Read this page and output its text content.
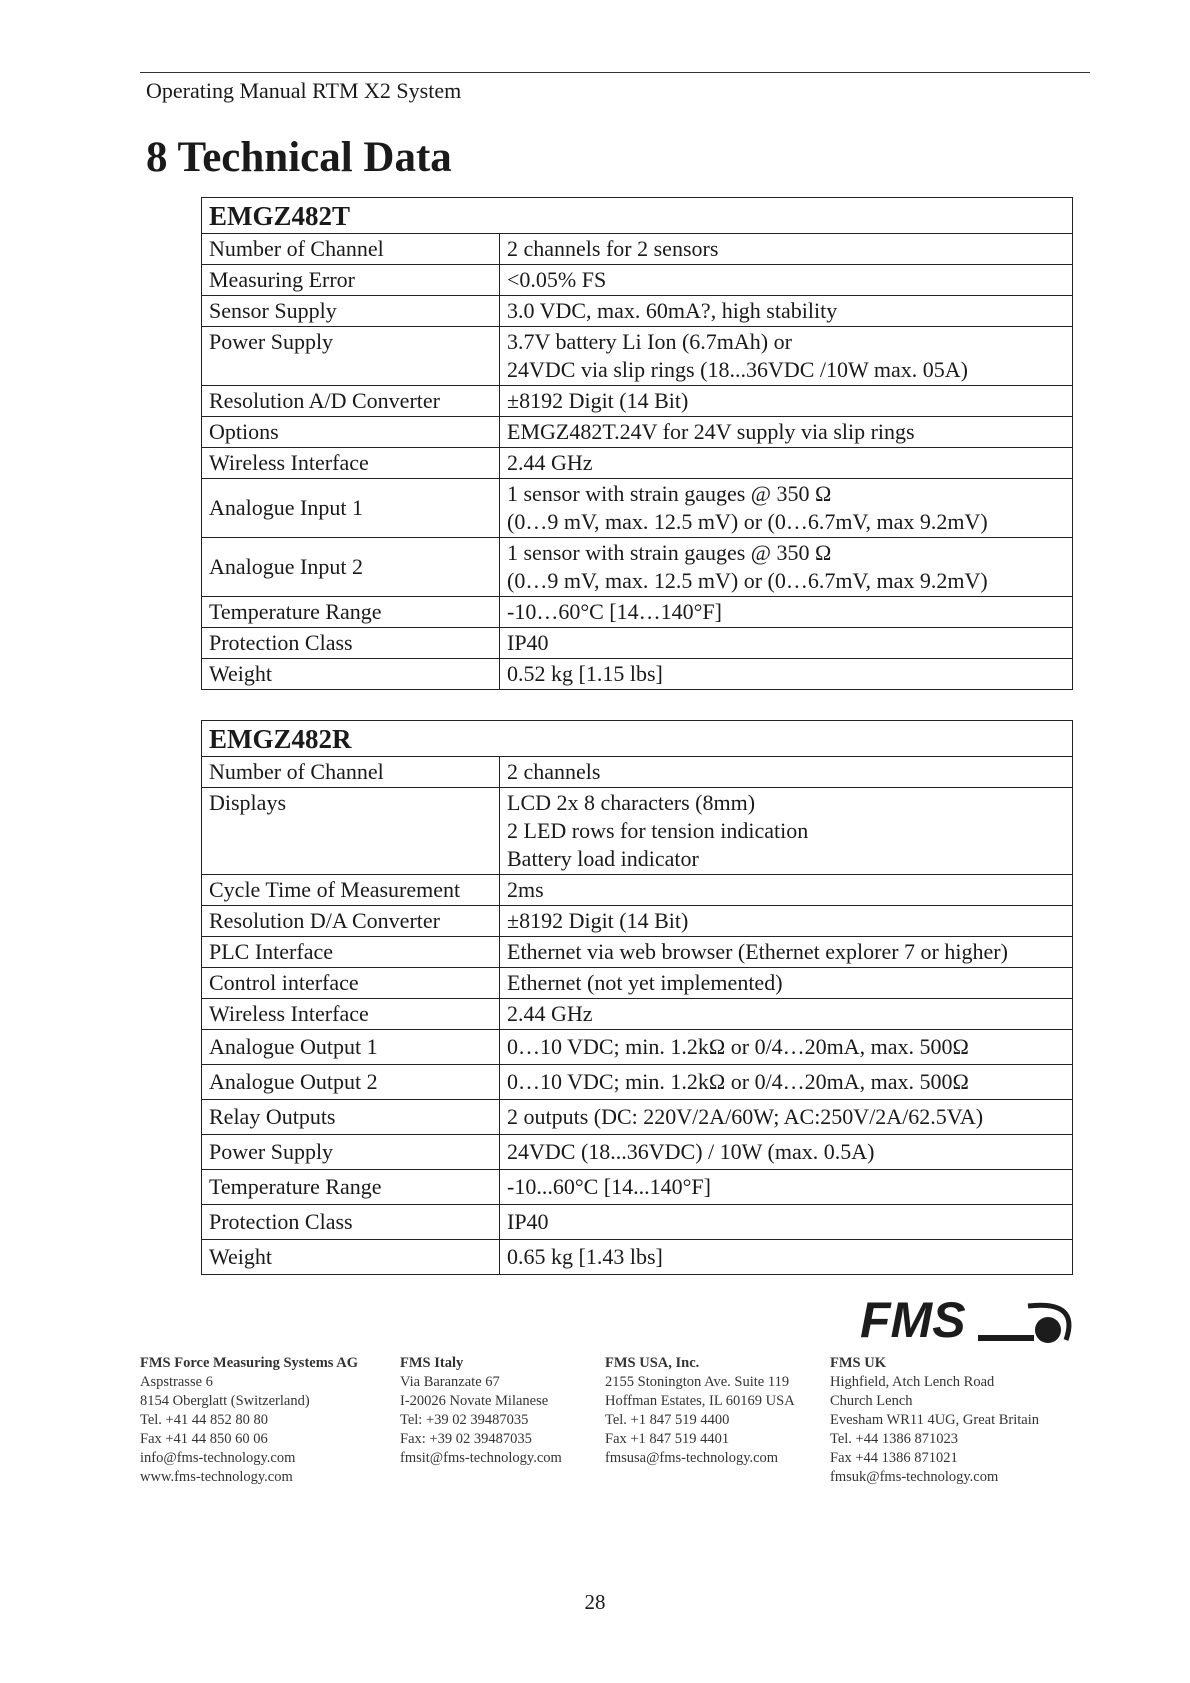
Operating Manual RTM X2 System
8 Technical Data
EMGZ482T	
Number of Channel	2 channels for 2 sensors

Measuring Error	<0.05% FS

Sensor Supply	3.0 VDC, max. 60mA?, high stability

Power Supply	3.7V battery Li Ion (6.7mAh) or
24VDC via slip rings (18...36VDC /10W max. 05A)

Resolution A/D Converter	±8192 Digit (14 Bit)

Options	EMGZ482T.24V for 24V supply via slip rings

Wireless Interface	2.44 GHz

Analogue Input 1	1 sensor with strain gauges @ 350 Ω
(0…9 mV, max. 12.5 mV) or (0…6.7mV, max 9.2mV)

Analogue Input 2	1 sensor with strain gauges @ 350 Ω
(0…9 mV, max. 12.5 mV) or (0…6.7mV, max 9.2mV)

Temperature Range	-10…60°C [14…140°F]

Protection Class	IP40

Weight	0.52 kg [1.15 lbs]
EMGZ482R	
Number of Channel	2 channels

Displays	LCD 2x 8 characters (8mm)
2 LED rows for tension indication
Battery load indicator

Cycle Time of Measurement	2ms

Resolution D/A Converter	±8192 Digit (14 Bit)

PLC Interface	Ethernet via web browser (Ethernet explorer 7 or higher)

Control interface	Ethernet (not yet implemented)

Wireless Interface	2.44 GHz

Analogue Output 1	0…10 VDC; min. 1.2kΩ or 0/4…20mA, max. 500Ω

Analogue Output 2	0…10 VDC; min. 1.2kΩ or 0/4…20mA, max. 500Ω

Relay Outputs	2 outputs (DC: 220V/2A/60W; AC:250V/2A/62.5VA)

Power Supply	24VDC (18...36VDC) / 10W (max. 0.5A)

Temperature Range	-10...60°C [14...140°F]

Protection Class	IP40

Weight	0.65 kg [1.43 lbs]
FMS
FMS Force Measuring Systems AG
Aspstrasse 6
8154 Oberglatt (Switzerland)
Tel. +41 44 852 80 80
Fax +41 44 850 60 06
info@fms-technology.com
www.fms-technology.com
FMS Italy
Via Baranzate 67
I-20026 Novate Milanese
Tel: +39 02 39487035
Fax: +39 02 39487035
fmsit@fms-technology.com
FMS USA, Inc.
2155 Stonington Ave. Suite 119
Hoffman Estates, IL 60169 USA
Tel. +1 847 519 4400
Fax +1 847 519 4401
fmsusa@fms-technology.com
FMS UK
Highfield, Atch Lench Road
Church Lench
Evesham WR11 4UG, Great Britain
Tel. +44 1386 871023
Fax +44 1386 871021
fmsuk@fms-technology.com
28
